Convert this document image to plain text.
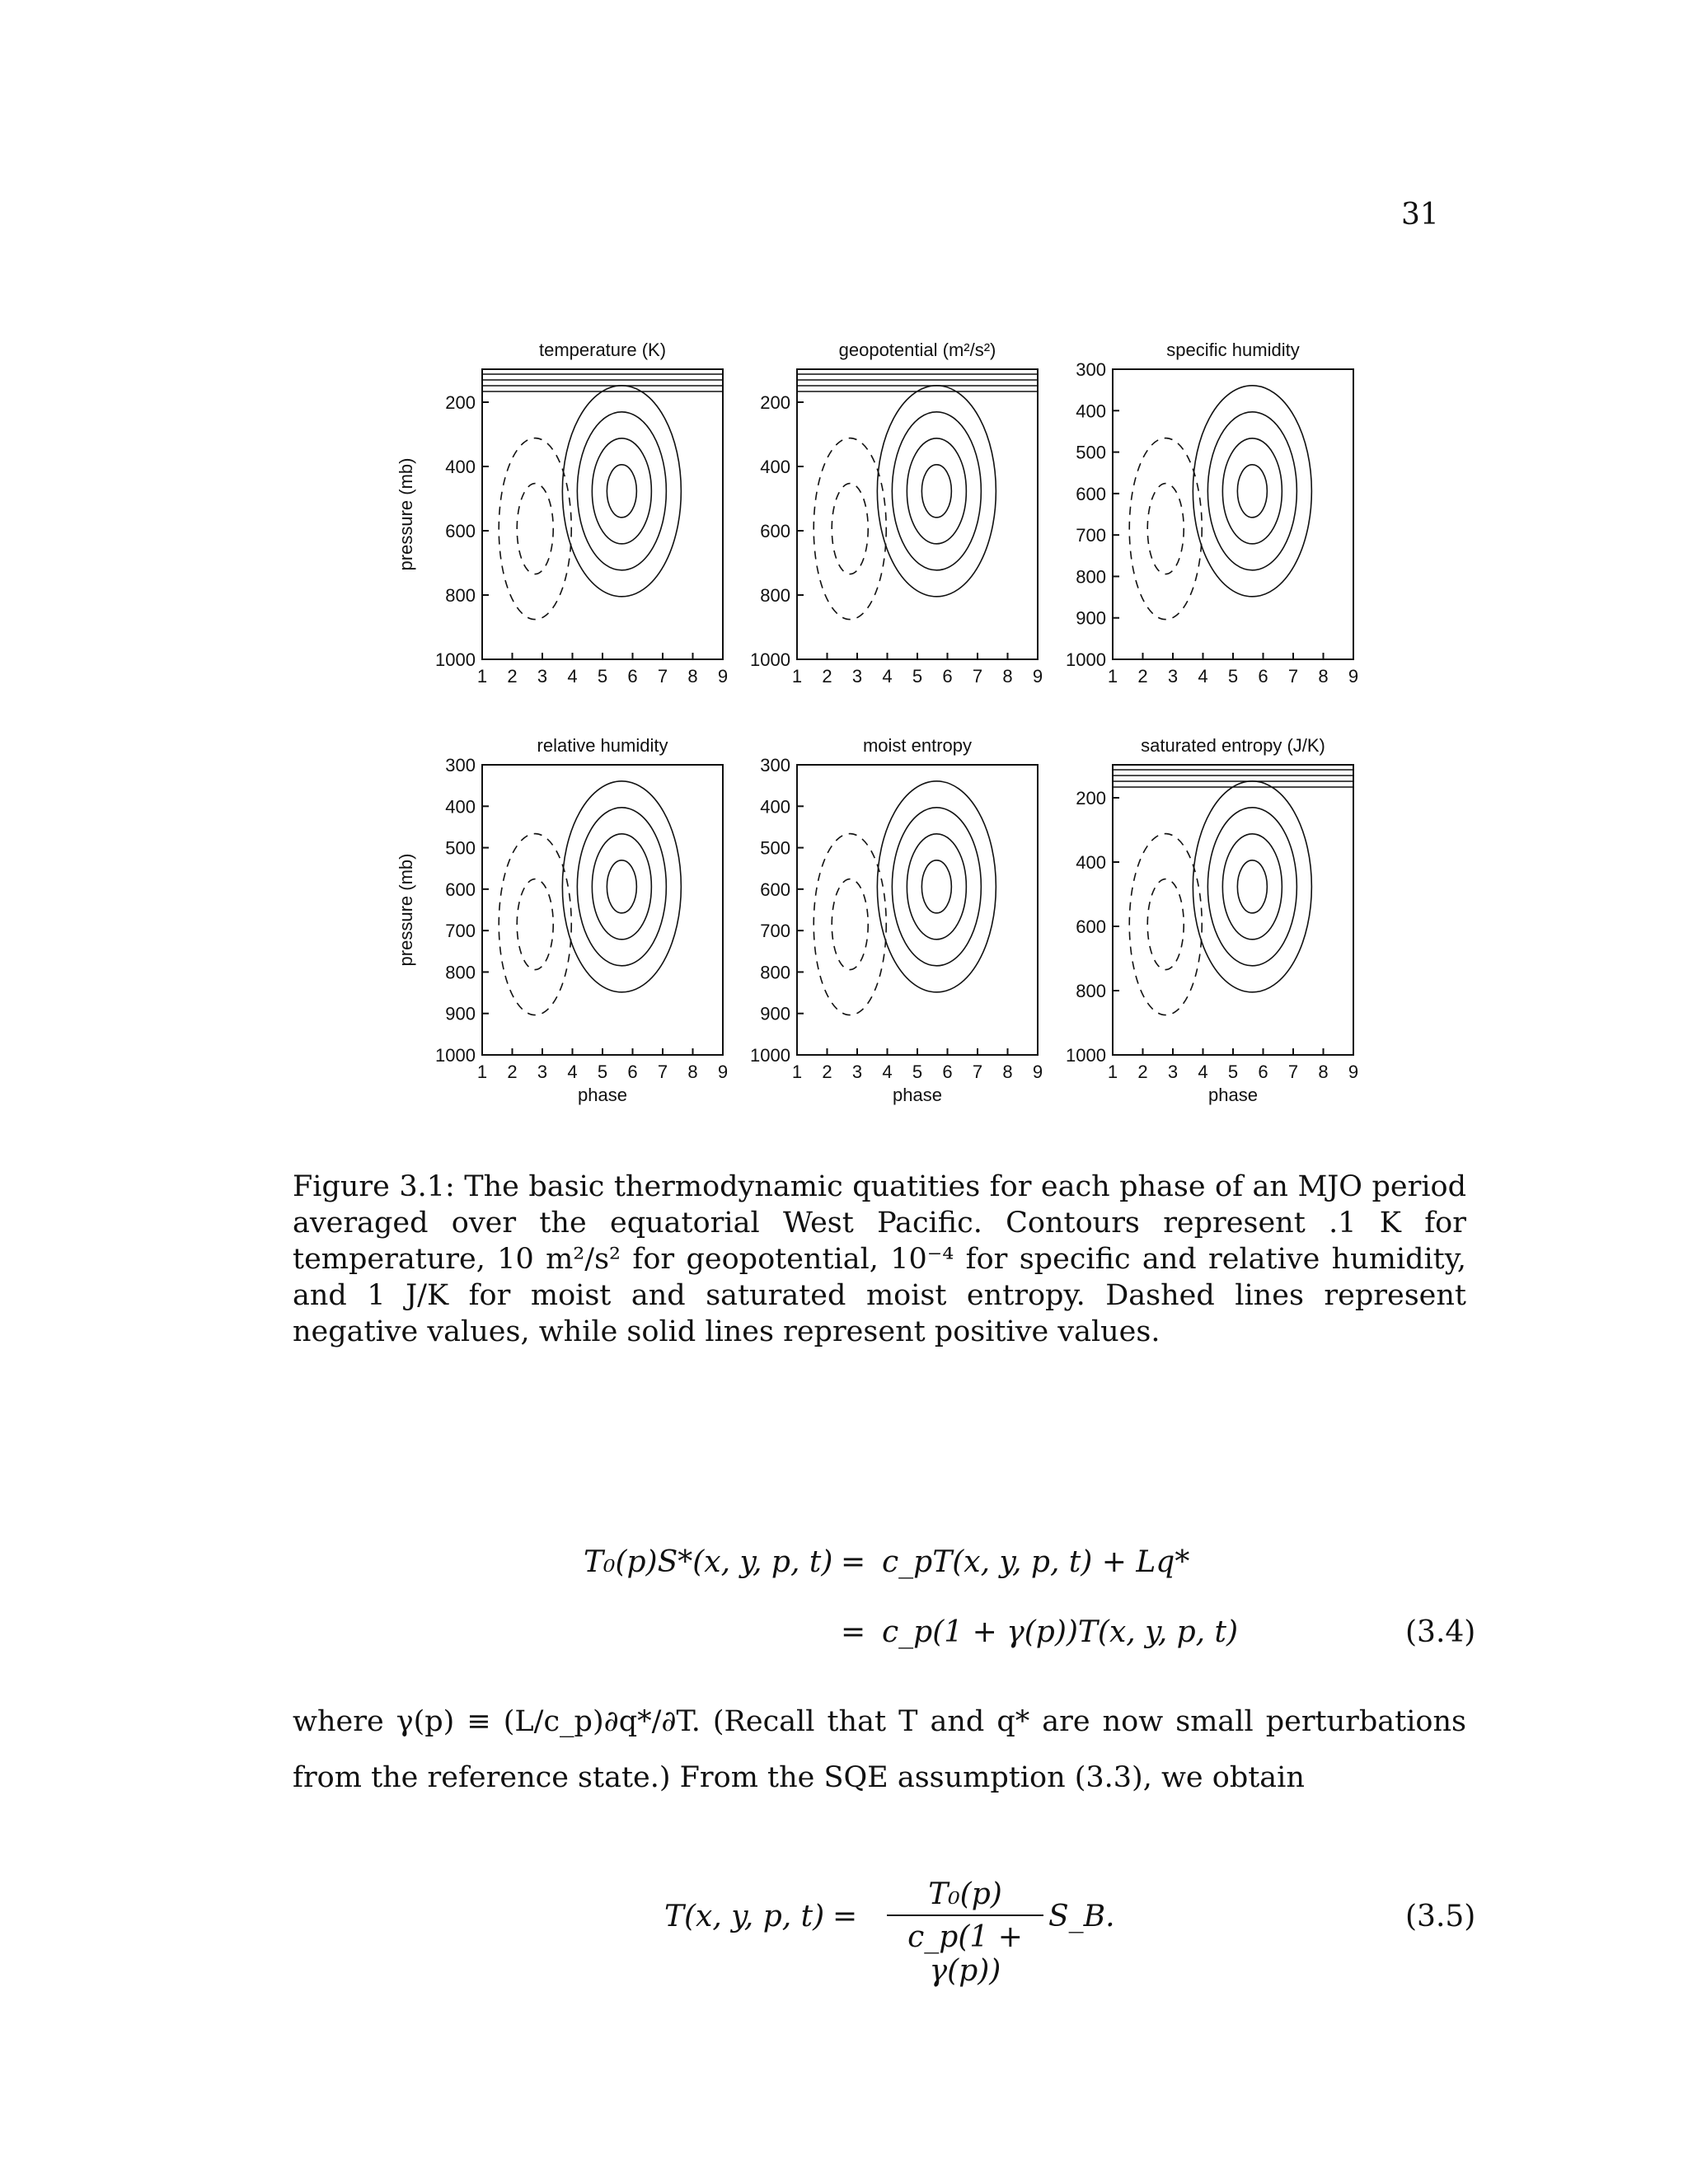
31
temperature (K)
200
400
600
800
1000
1 2 3 4 5 6 7 8 9
pressure (mb)
geopotential (m²/s²)
200
400
600
800
1000
1 2 3 4 5 6 7 8 9
specific humidity
300
400
500
600
700
800
900
1000
1 2 3 4 5 6 7 8 9
relative humidity
300
400
500
600
700
800
900
1000
1 2 3 4 5 6 7 8 9
phase
pressure (mb)
moist entropy
300
400
500
600
700
800
900
1000
1 2 3 4 5 6 7 8 9
phase
saturated entropy (J/K)
200
400
600
800
1000
1 2 3 4 5 6 7 8 9
phase
Figure 3.1: The basic thermodynamic quatities for each phase of an MJO period averaged over the equatorial West Pacific. Contours represent .1 K for temperature, 10 m²/s² for geopotential, 10⁻⁴ for specific and relative humidity, and 1 J/K for moist and saturated moist entropy. Dashed lines represent negative values, while solid lines represent positive values.
T₀(p)S*(x, y, p, t) = c_pT(x, y, p, t) + Lq*
= c_p(1 + γ(p))T(x, y, p, t)	(3.4)
where γ(p) ≡ (L/c_p)∂q*/∂T. (Recall that T and q* are now small perturbations from the reference state.) From the SQE assumption (3.3), we obtain
T(x, y, p, t) =
T₀(p)
c_p(1 + γ(p))
S_B.	(3.5)
